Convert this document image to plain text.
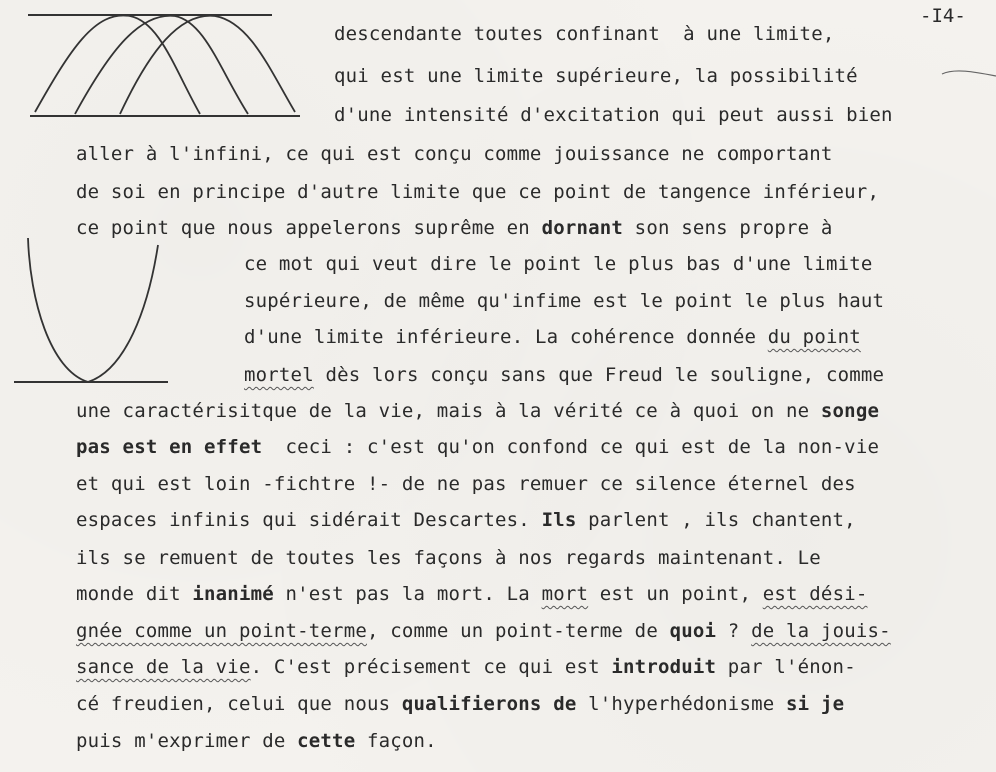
-I4-
descendante toutes confinant  à une limite,
qui est une limite supérieure, la possibilité
d'une intensité d'excitation qui peut aussi bien
aller à l'infini, ce qui est conçu comme jouissance ne comportant
de soi en principe d'autre limite que ce point de tangence inférieur,
ce point que nous appelerons suprême en dornant son sens propre à
ce mot qui veut dire le point le plus bas d'une limite
supérieure, de même qu'infime est le point le plus haut
d'une limite inférieure. La cohérence donnée du point
mortel dès lors conçu sans que Freud le souligne, comme
une caractérisitque de la vie, mais à la vérité ce à quoi on ne songe
pas est en effet  ceci : c'est qu'on confond ce qui est de la non-vie
et qui est loin -fichtre !- de ne pas remuer ce silence éternel des
espaces infinis qui sidérait Descartes. Ils parlent , ils chantent,
ils se remuent de toutes les façons à nos regards maintenant. Le
monde dit inanimé n'est pas la mort. La mort est un point, est dési-
gnée comme un point-terme, comme un point-terme de quoi ? de la jouis-
sance de la vie. C'est précisement ce qui est introduit par l'énon-
cé freudien, celui que nous qualifierons de l'hyperhédonisme si je
puis m'exprimer de cette façon.
